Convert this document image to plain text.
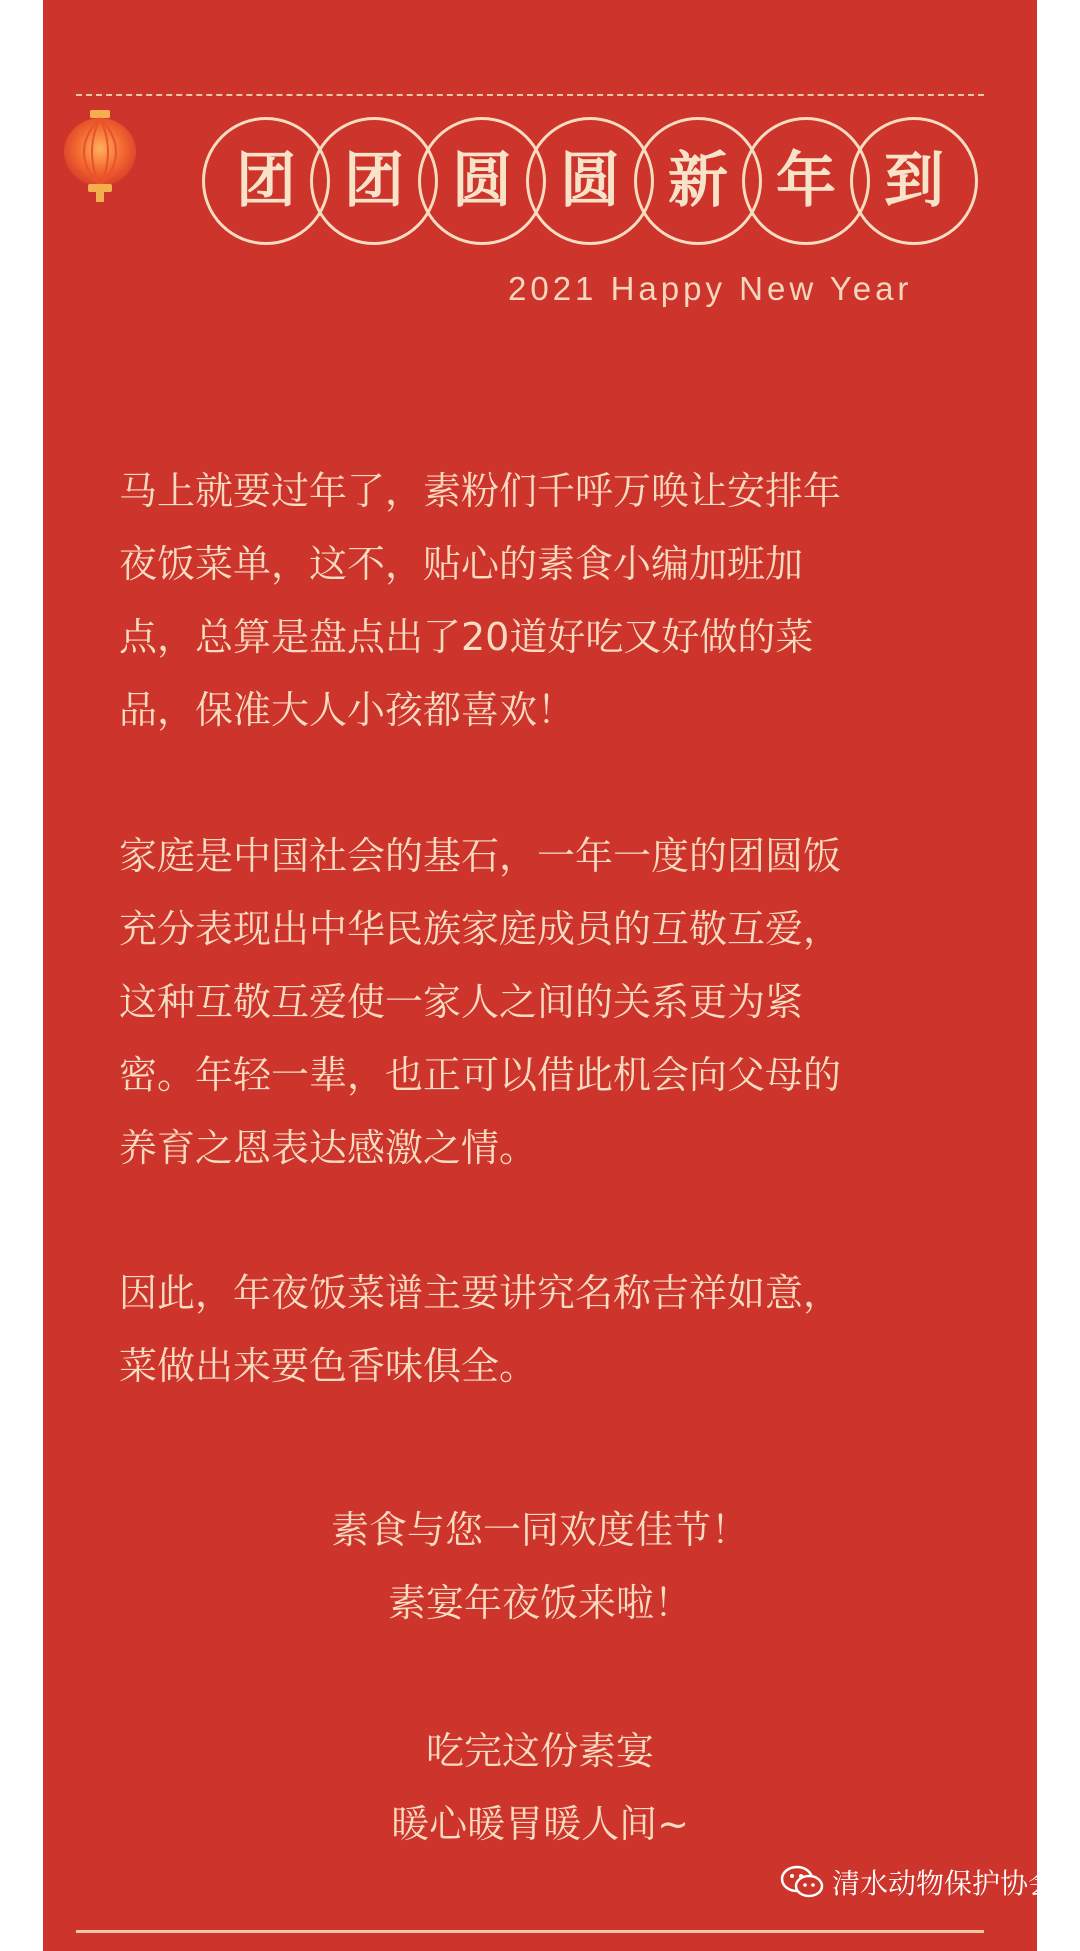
团 团 圆 圆 新 年 到
2021 Happy New Year
马上就要过年了，素粉们千呼万唤让安排年
夜饭菜单，这不，贴心的素食小编加班加
点，总算是盘点出了20道好吃又好做的菜
品，保准大人小孩都喜欢！
家庭是中国社会的基石，一年一度的团圆饭
充分表现出中华民族家庭成员的互敬互爱，
这种互敬互爱使一家人之间的关系更为紧
密。年轻一辈，也正可以借此机会向父母的
养育之恩表达感激之情。
因此，年夜饭菜谱主要讲究名称吉祥如意，
菜做出来要色香味俱全。
素食与您一同欢度佳节！
素宴年夜饭来啦！
吃完这份素宴
暖心暖胃暖人间~
清水动物保护协会
